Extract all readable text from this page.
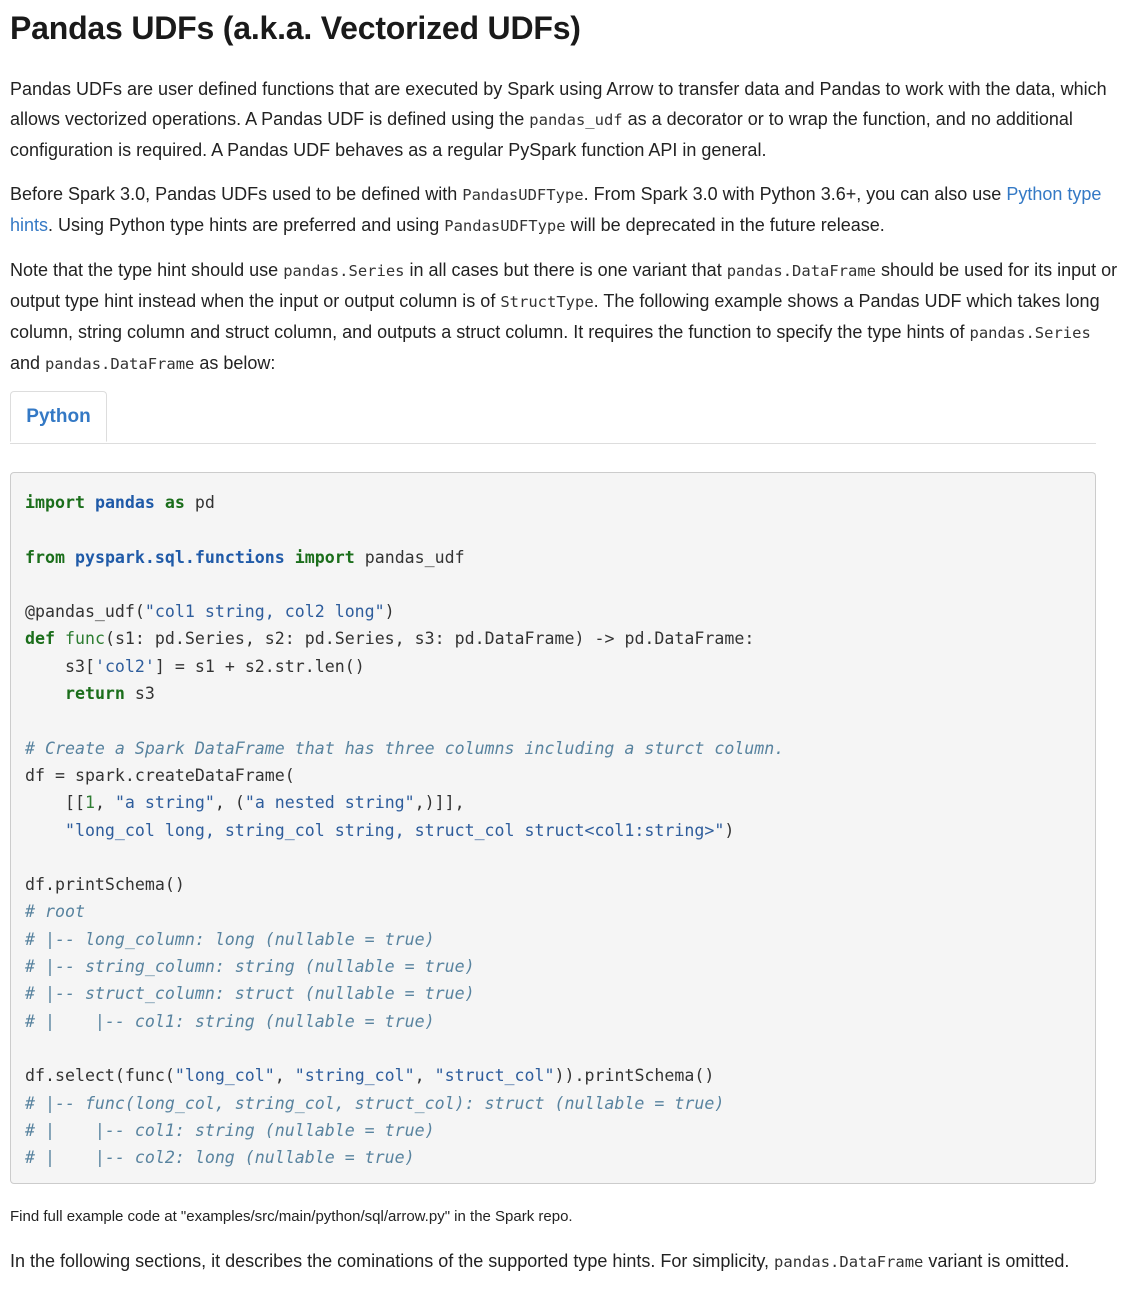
Pandas UDFs (a.k.a. Vectorized UDFs)

Pandas UDFs are user defined functions that are executed by Spark using Arrow to transfer data and Pandas to work with the data, which allows vectorized operations. A Pandas UDF is defined using the pandas_udf as a decorator or to wrap the function, and no additional configuration is required. A Pandas UDF behaves as a regular PySpark function API in general.

Before Spark 3.0, Pandas UDFs used to be defined with PandasUDFType. From Spark 3.0 with Python 3.6+, you can also use Python type hints. Using Python type hints are preferred and using PandasUDFType will be deprecated in the future release.

Note that the type hint should use pandas.Series in all cases but there is one variant that pandas.DataFrame should be used for its input or output type hint instead when the input or output column is of StructType. The following example shows a Pandas UDF which takes long column, string column and struct column, and outputs a struct column. It requires the function to specify the type hints of pandas.Series and pandas.DataFrame as below:

Python
import pandas as pd

from pyspark.sql.functions import pandas_udf

@pandas_udf("col1 string, col2 long")
def func(s1: pd.Series, s2: pd.Series, s3: pd.DataFrame) -> pd.DataFrame:
s3['col2'] = s1 + s2.str.len()
return s3

# Create a Spark DataFrame that has three columns including a sturct column.
df = spark.createDataFrame(
[[1, "a string", ("a nested string",)]],
"long_col long, string_col string, struct_col struct<col1:string>")

df.printSchema()
# root
# |-- long_column: long (nullable = true)
# |-- string_column: string (nullable = true)
# |-- struct_column: struct (nullable = true)
# |    |-- col1: string (nullable = true)

df.select(func("long_col", "string_col", "struct_col")).printSchema()
# |-- func(long_col, string_col, struct_col): struct (nullable = true)
# |    |-- col1: string (nullable = true)
# |    |-- col2: long (nullable = true)

Find full example code at "examples/src/main/python/sql/arrow.py" in the Spark repo.

In the following sections, it describes the cominations of the supported type hints. For simplicity, pandas.DataFrame variant is omitted.
